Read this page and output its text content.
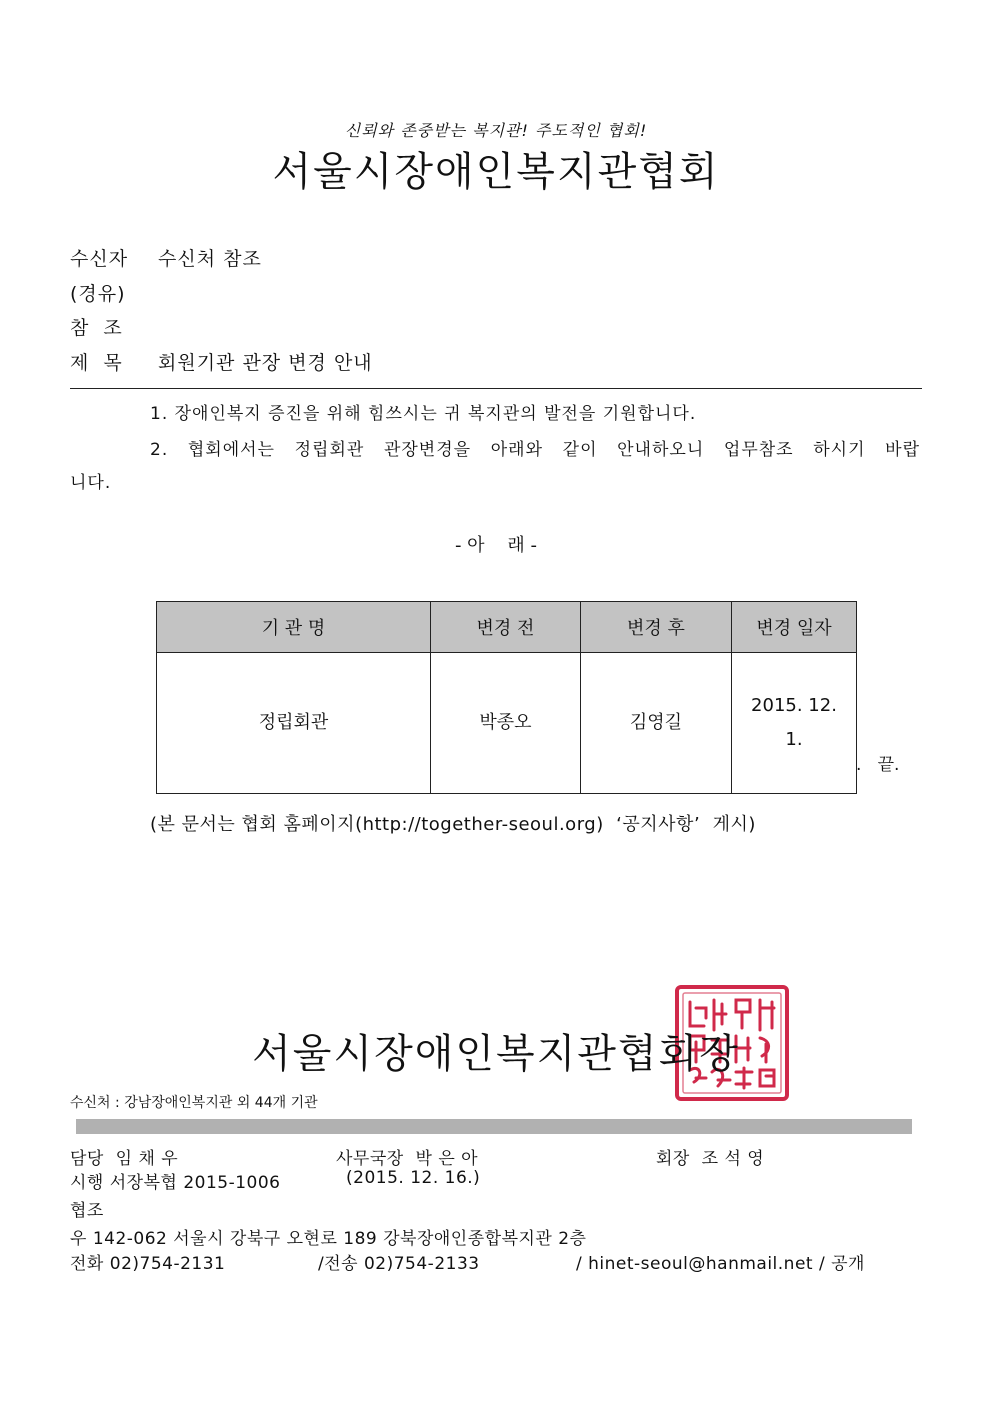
신뢰와 존중받는 복지관! 주도적인 협회!
서울시장애인복지관협회
수신자 수신처 참조
(경유)
참  조
제  목 회원기관 관장 변경 안내
1. 장애인복지 증진을 위해 힘쓰시는 귀 복지관의 발전을 기원합니다.
2. 협회에서는 정립회관 관장변경을 아래와 같이 안내하오니 업무참조 하시기 바랍
니다.
- 아    래 -
기 관 명	변경 전	변경 후	변경 일자
정립회관	박종오	김영길	2015. 12.
1.
.   끝.
(본 문서는 협회 홈페이지(http://together-seoul.org)  ‘공지사항’  게시)
서울시장애인복지관협회장
수신처 : 강남장애인복지관 외 44개 기관
담당  임 채 우	사무국장  박 은 아	회장  조 석 영
시행 서장복협 2015-1006	(2015. 12. 16.)
협조
우 142-062 서울시 강북구 오현로 189 강북장애인종합복지관 2층
전화 02)754-2131	/전송 02)754-2133	/ hinet-seoul@hanmail.net / 공개
